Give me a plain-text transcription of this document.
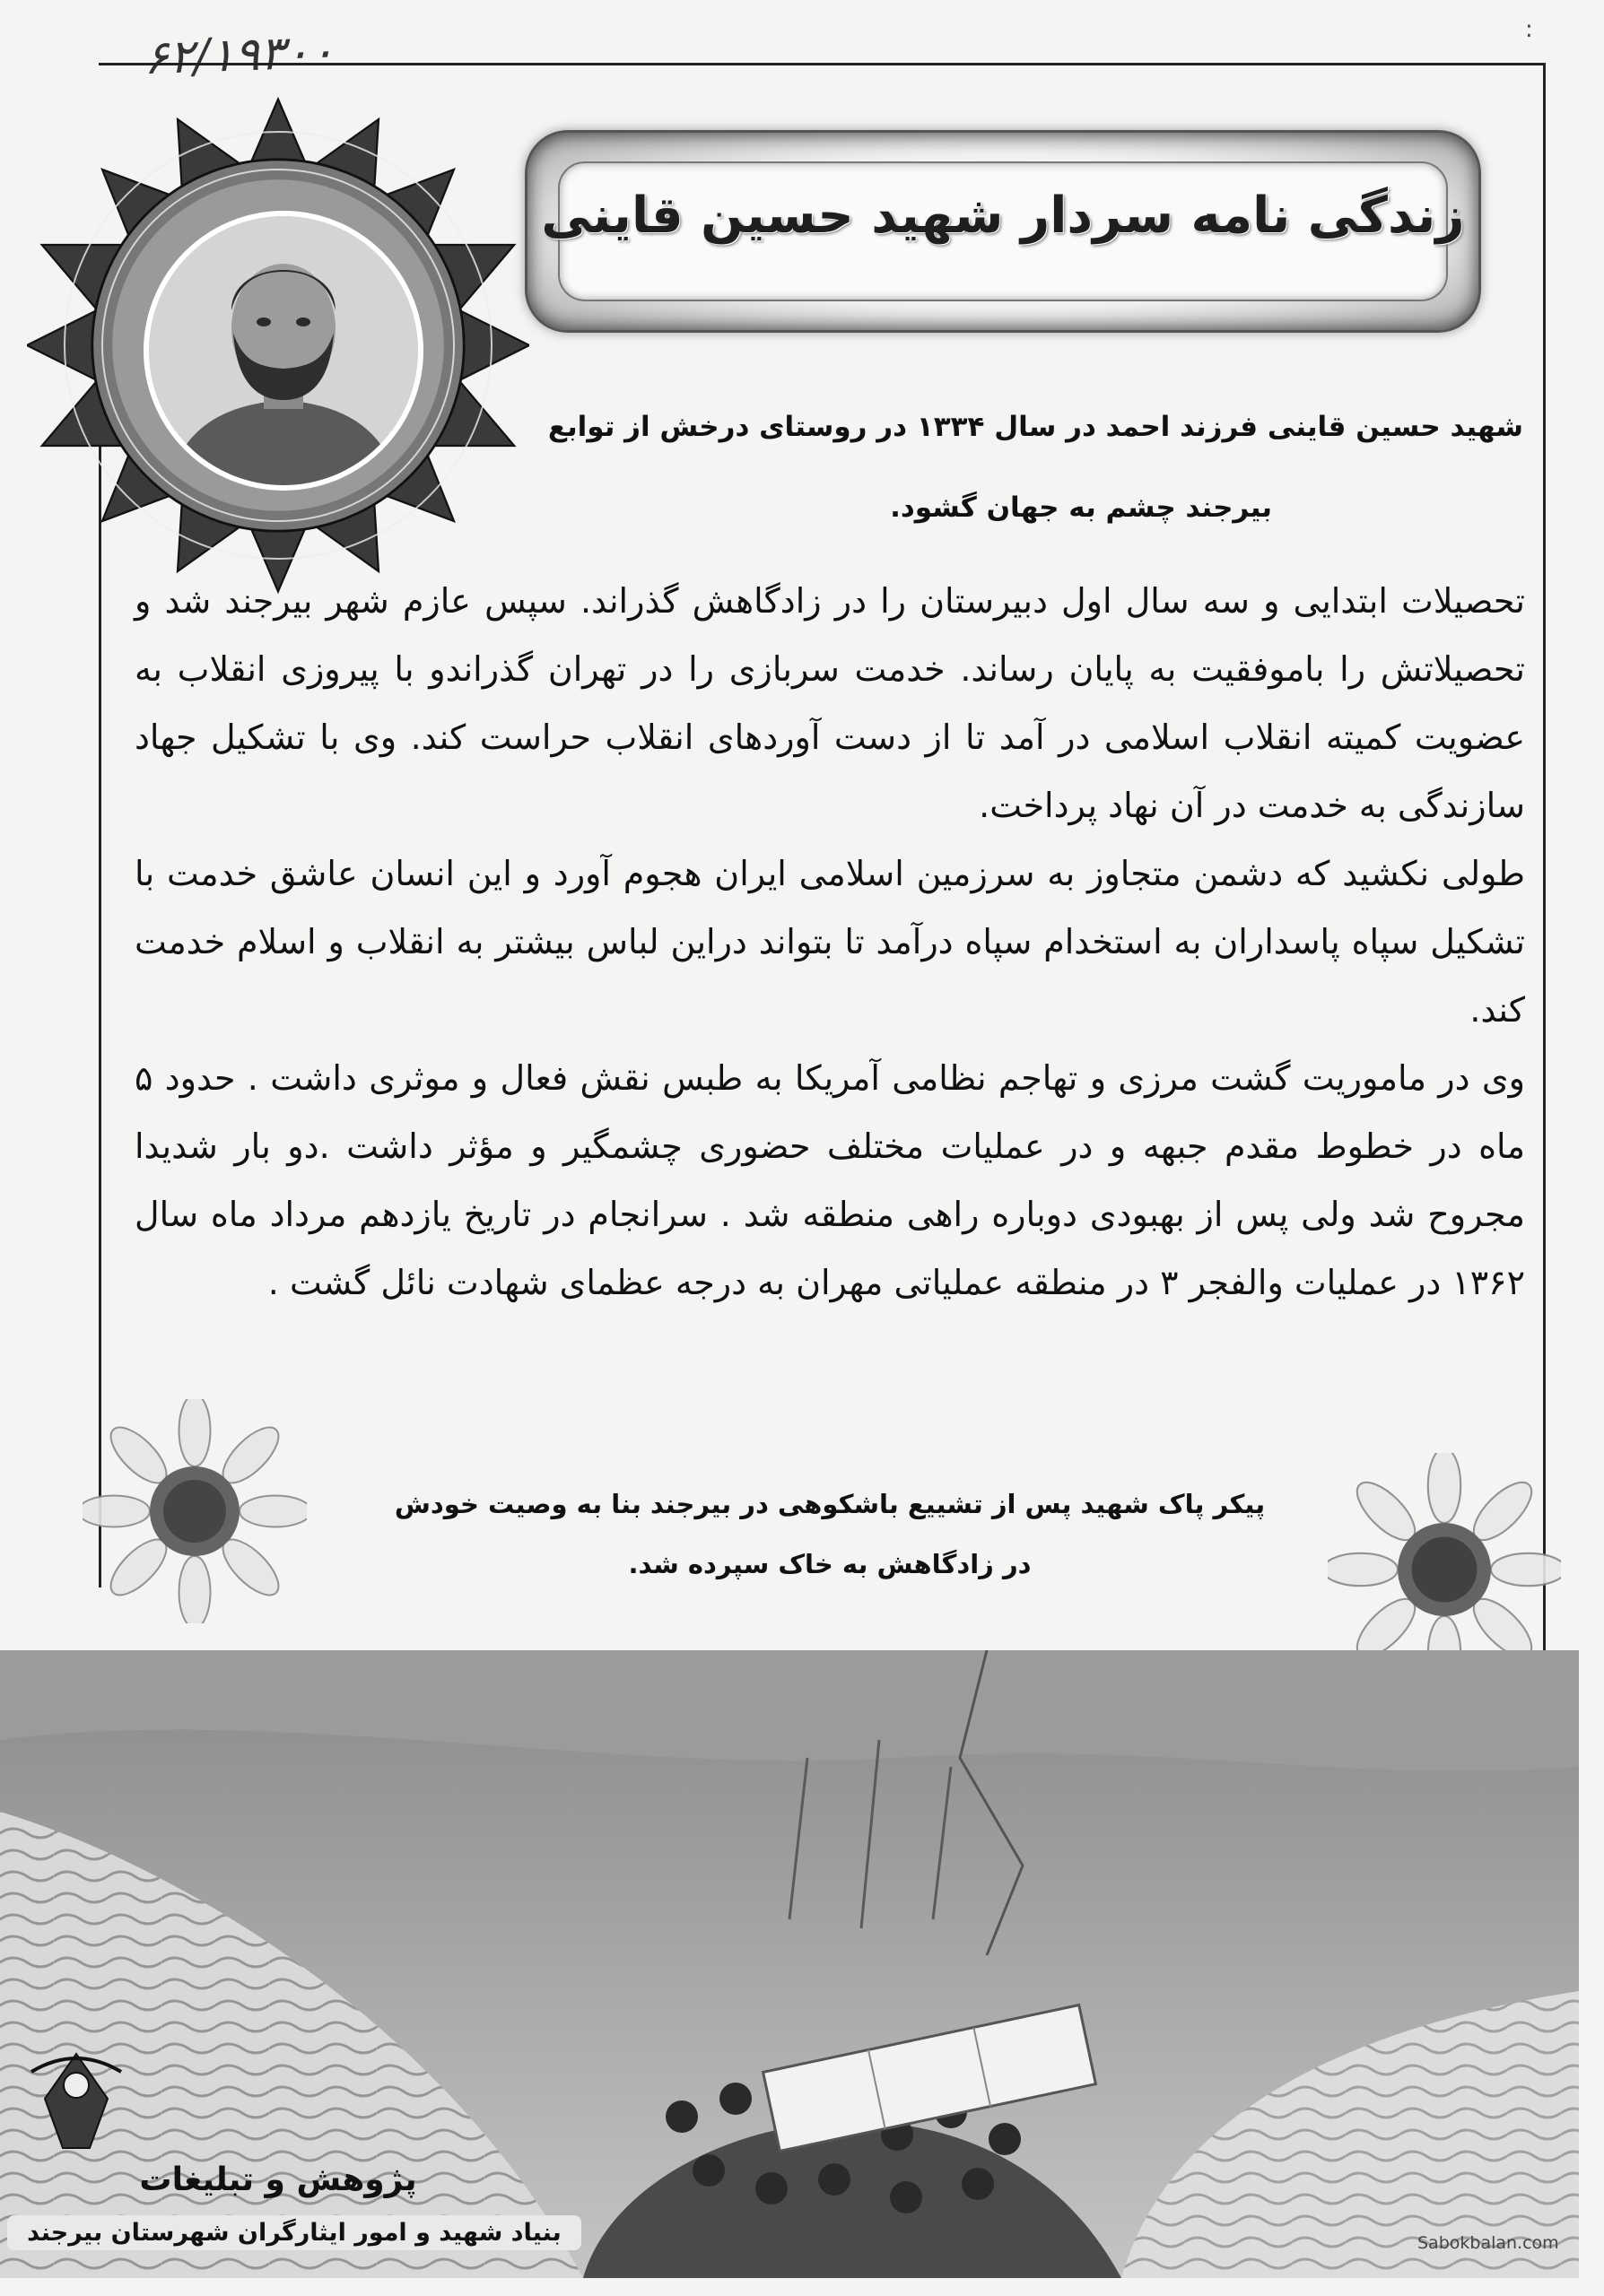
۶۲/۱۹۳۰۰	:
زندگی نامه سردار شهید حسین قاینی
شهید حسین قاینی فرزند احمد در سال ۱۳۳۴ در روستای درخش از توابع
بیرجند چشم به جهان گشود.

تحصیلات ابتدایی و سه سال اول دبیرستان را در زادگاهش گذراند. سپس عازم شهر بیرجند شد و تحصیلاتش را باموفقیت به پایان رساند. خدمت سربازی را در تهران گذراندو با پیروزی انقلاب به عضویت کمیته انقلاب اسلامی در آمد تا از دست آوردهای انقلاب حراست کند. وی با تشکیل جهاد سازندگی به خدمت در آن نهاد پرداخت.

طولی نکشید که دشمن متجاوز به سرزمین اسلامی ایران هجوم آورد و این انسان عاشق خدمت با تشکیل سپاه پاسداران به استخدام سپاه درآمد تا بتواند دراین لباس بیشتر به انقلاب و اسلام خدمت کند.

وی در ماموریت گشت مرزی و تهاجم نظامی آمریکا به طبس نقش فعال و موثری داشت . حدود ۵ ماه در خطوط مقدم جبهه و در عملیات مختلف حضوری چشمگیر و مؤثر داشت .دو بار شدیدا مجروح شد ولی پس از بهبودی دوباره راهی منطقه شد . سرانجام در تاریخ یازدهم مرداد ماه سال ۱۳۶۲ در عملیات والفجر ۳ در منطقه عملیاتی مهران به درجه عظمای شهادت نائل گشت .

پیکر پاک شهید پس از تشییع باشکوهی در بیرجند بنا به وصیت خودش
در زادگاهش به خاک سپرده شد.
پژوهش و تبلیغات
بنیاد شهید و امور ایثارگران شهرستان بیرجند	Sabokbalan.com
